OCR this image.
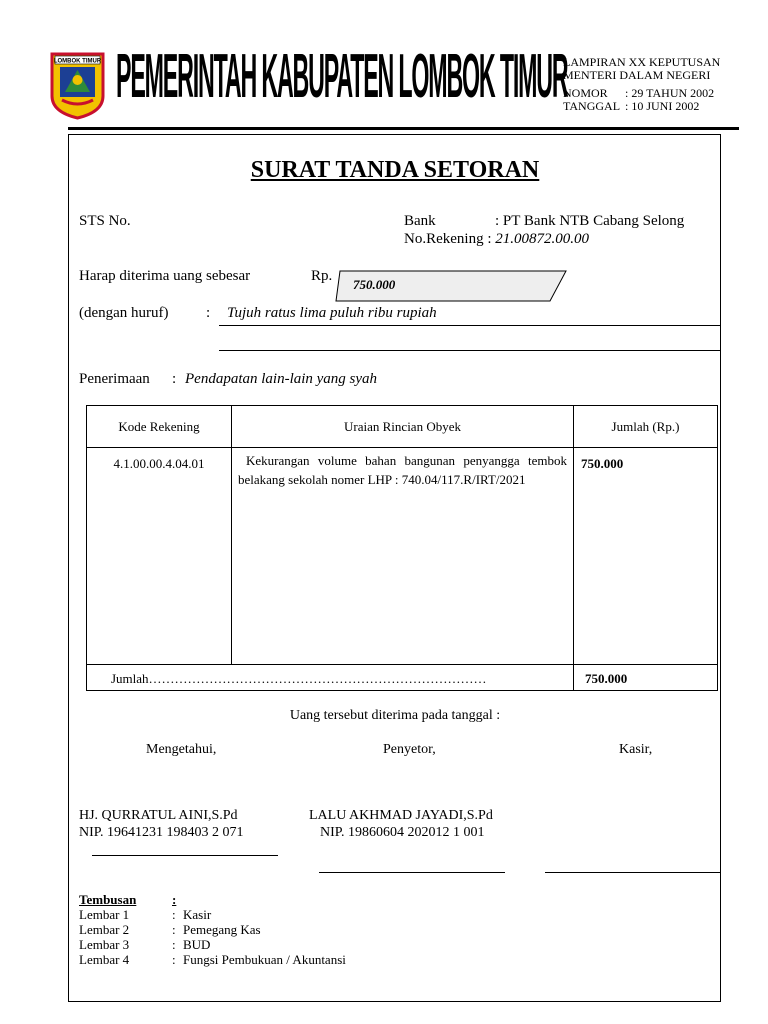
LOMBOK TIMUR PEMERINTAH KABUPATEN LOMBOK TIMUR
LAMPIRAN XX KEPUTUSAN
MENTERI DALAM NEGERI
NOMOR : 29 TAHUN 2002
TANGGAL : 10 JUNI 2002
SURAT TANDA SETORAN
STS No.	Bank	: PT Bank NTB Cabang Selong
No.Rekening : 21.00872.00.00
Harap diterima uang sebesar	Rp.
750.000
(dengan huruf) : Tujuh ratus lima puluh ribu rupiah
Penerimaan : Pendapatan lain-lain yang syah
Kode Rekening	Uraian Rincian Obyek	Jumlah (Rp.)
4.1.00.00.4.04.01	Kekurangan volume bahan bangunan penyangga tembok belakang sekolah nomer LHP : 740.04/117.R/IRT/2021	750.000
Jumlah……………………………………………………………………		750.000
Uang tersebut diterima pada tanggal :
Mengetahui,	Penyetor,	Kasir,
HJ. QURRATUL AINI,S.Pd
NIP. 19641231 198403 2 071
LALU AKHMAD JAYADI,S.Pd
NIP. 19860604 202012 1 001
Tembusan	:
Lembar 1	: Kasir
Lembar 2	: Pemegang Kas
Lembar 3	: BUD
Lembar 4	: Fungsi Pembukuan / Akuntansi
